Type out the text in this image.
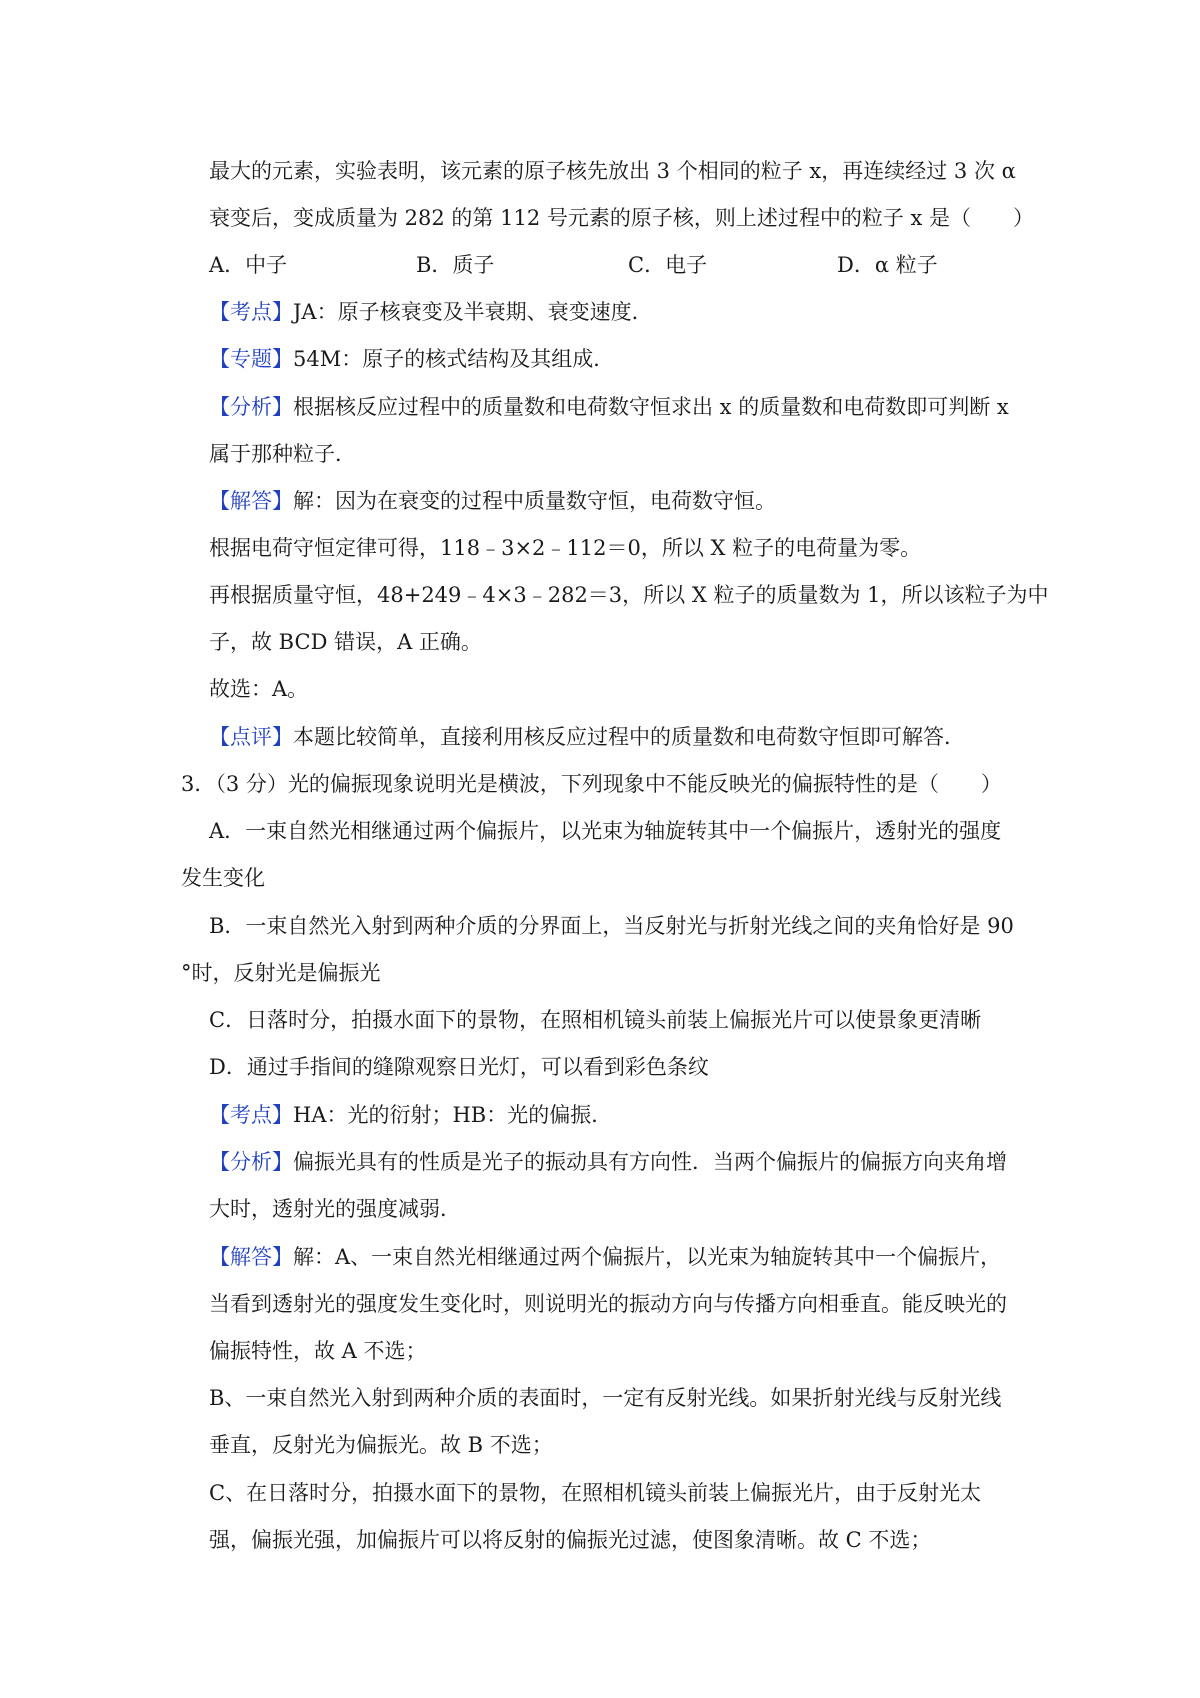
最大的元素，实验表明，该元素的原子核先放出 3 个相同的粒子 x，再连续经过 3 次 α
衰变后，变成质量为 282 的第 112 号元素的原子核，则上述过程中的粒子 x 是（　　）
A．中子	B．质子	C．电子	D．α 粒子
【考点】JA：原子核衰变及半衰期、衰变速度．
【专题】54M：原子的核式结构及其组成．
【分析】根据核反应过程中的质量数和电荷数守恒求出 x 的质量数和电荷数即可判断 x
属于那种粒子．
【解答】解：因为在衰变的过程中质量数守恒，电荷数守恒。
根据电荷守恒定律可得，118﹣3×2﹣112＝0，所以 X 粒子的电荷量为零。
再根据质量守恒，48+249﹣4×3﹣282＝3，所以 X 粒子的质量数为 1，所以该粒子为中
子，故 BCD 错误，A 正确。
故选：A。
【点评】本题比较简单，直接利用核反应过程中的质量数和电荷数守恒即可解答．
3．（3 分）光的偏振现象说明光是横波，下列现象中不能反映光的偏振特性的是（　　）
A．一束自然光相继通过两个偏振片，以光束为轴旋转其中一个偏振片，透射光的强度
发生变化
B．一束自然光入射到两种介质的分界面上，当反射光与折射光线之间的夹角恰好是 90
°时，反射光是偏振光
C．日落时分，拍摄水面下的景物，在照相机镜头前装上偏振光片可以使景象更清晰
D．通过手指间的缝隙观察日光灯，可以看到彩色条纹
【考点】HA：光的衍射；HB：光的偏振．
【分析】偏振光具有的性质是光子的振动具有方向性．当两个偏振片的偏振方向夹角增
大时，透射光的强度减弱．
【解答】解：A、一束自然光相继通过两个偏振片，以光束为轴旋转其中一个偏振片，
当看到透射光的强度发生变化时，则说明光的振动方向与传播方向相垂直。能反映光的
偏振特性，故 A 不选；
B、一束自然光入射到两种介质的表面时，一定有反射光线。如果折射光线与反射光线
垂直，反射光为偏振光。故 B 不选；
C、在日落时分，拍摄水面下的景物，在照相机镜头前装上偏振光片，由于反射光太
强，偏振光强，加偏振片可以将反射的偏振光过滤，使图象清晰。故 C 不选；
